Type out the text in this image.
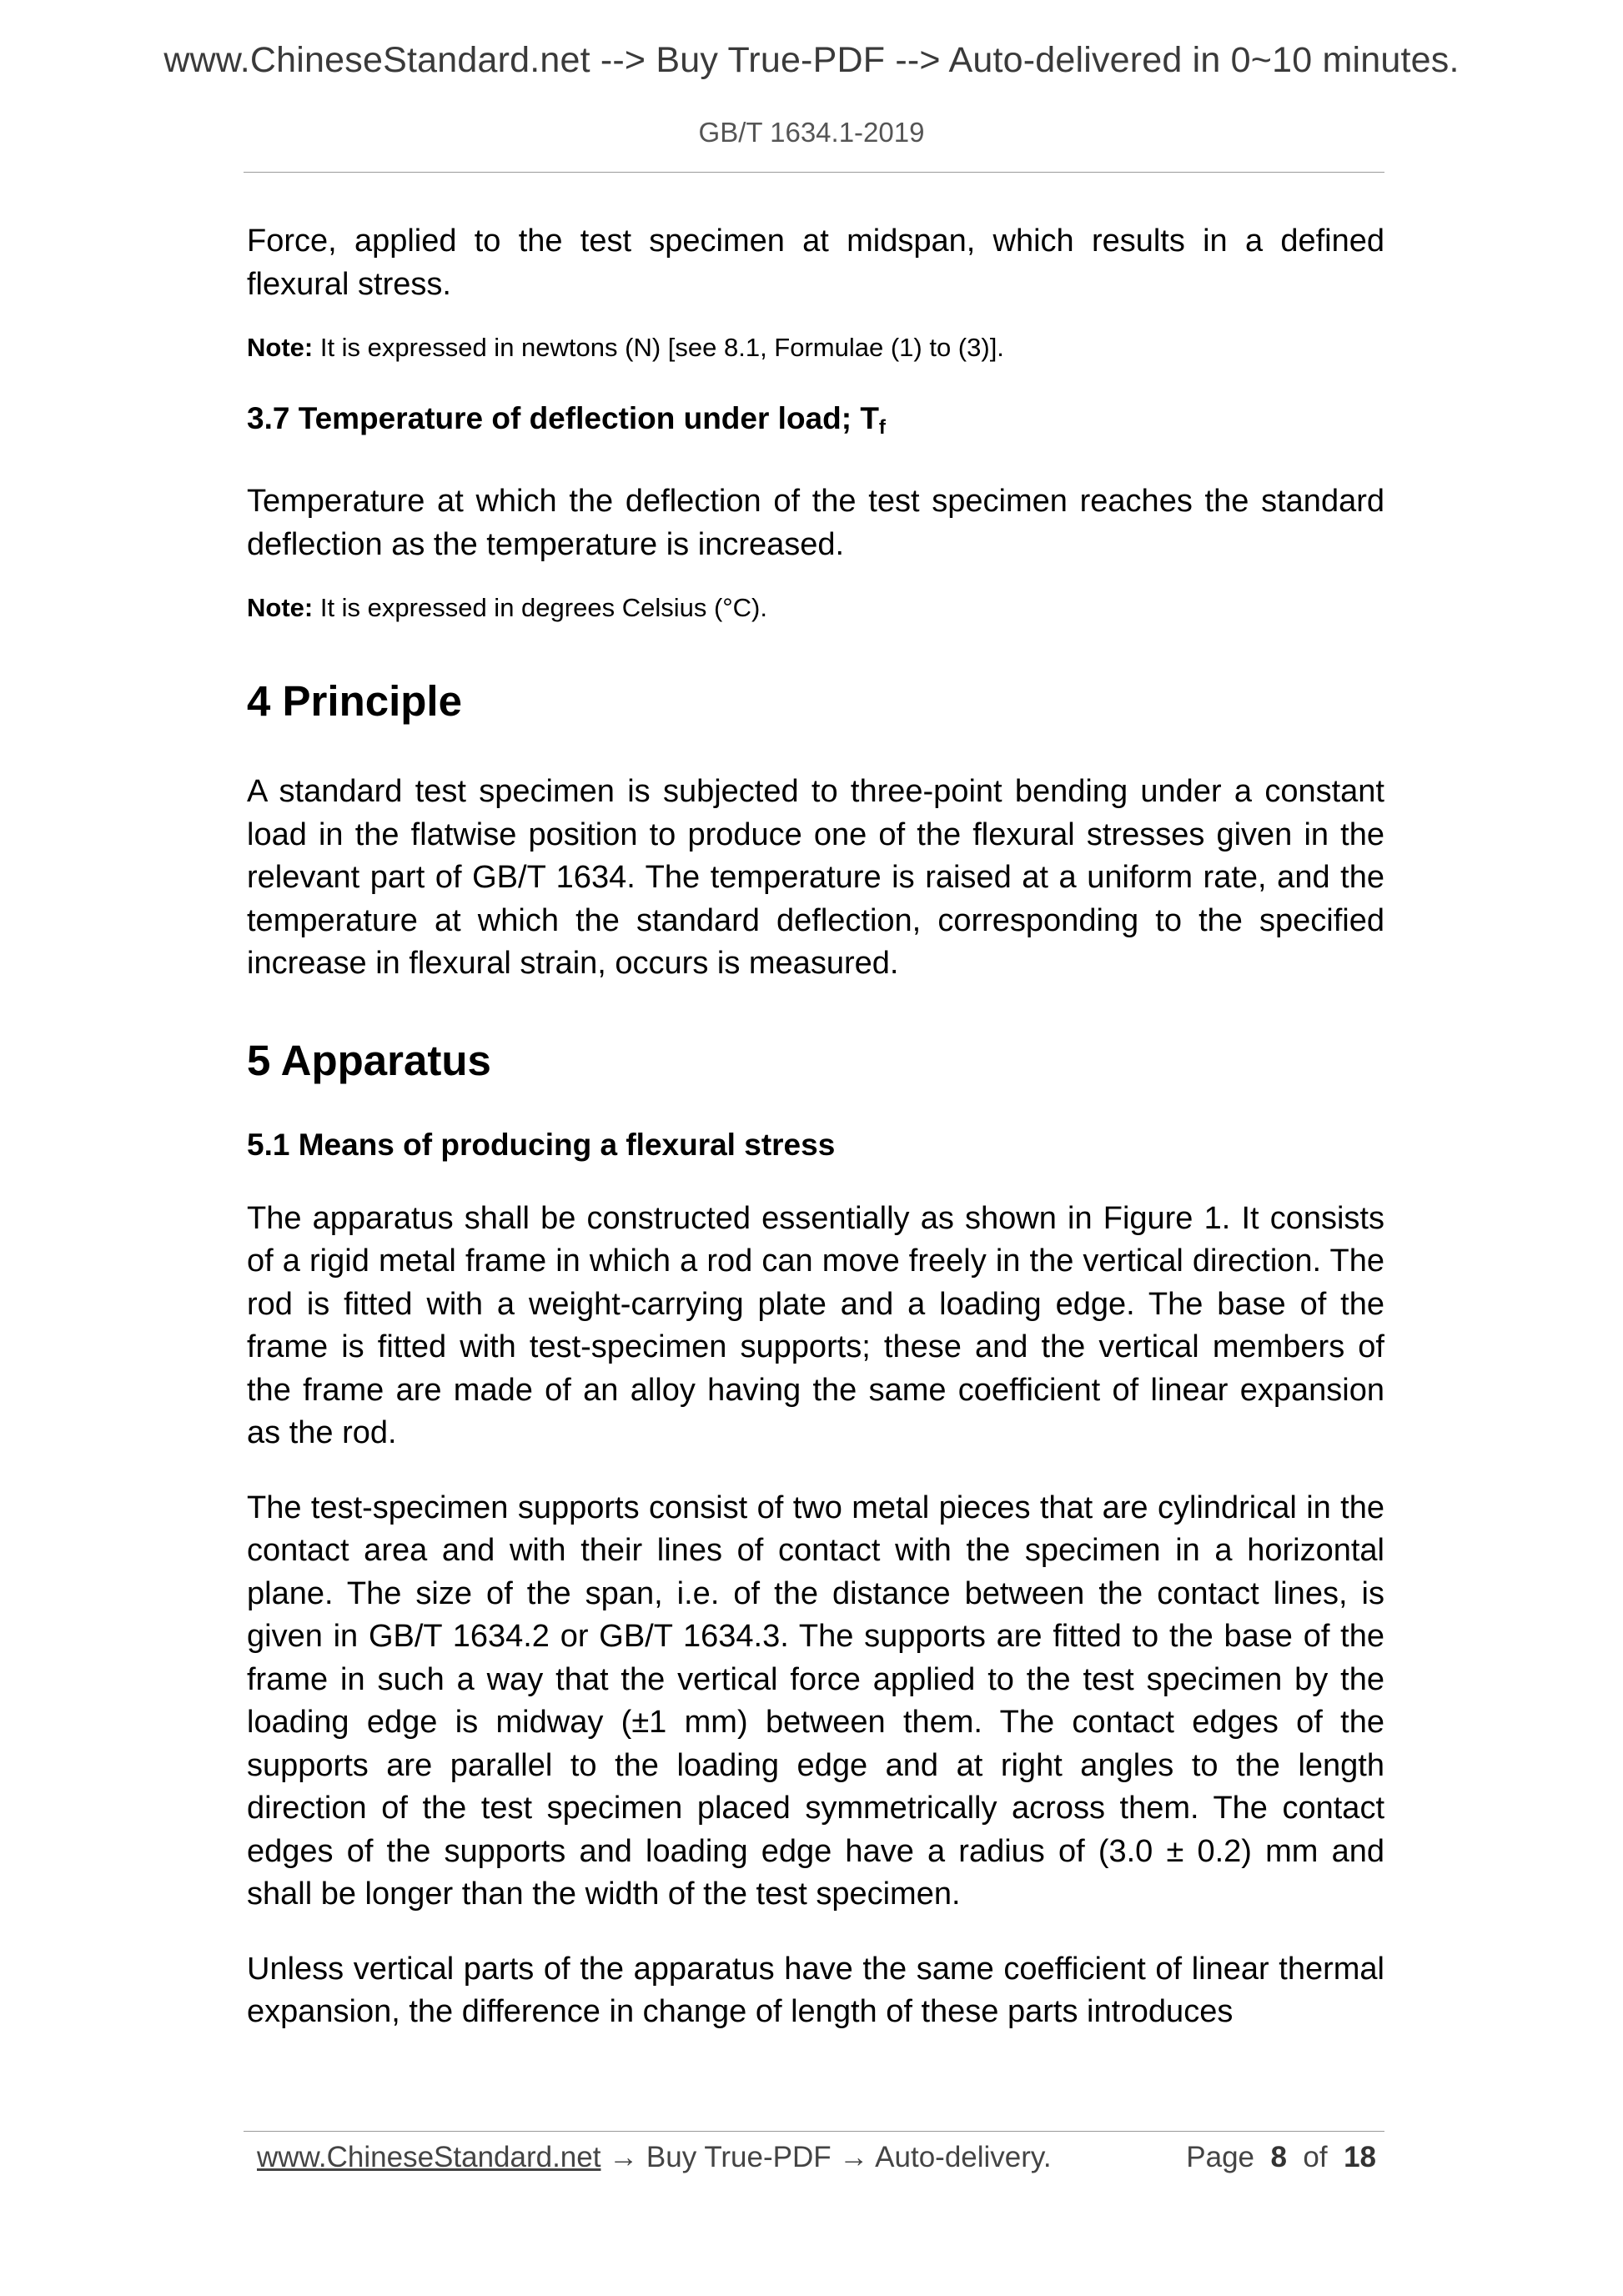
www.ChineseStandard.net --> Buy True-PDF --> Auto-delivered in 0~10 minutes.
GB/T 1634.1-2019

Force, applied to the test specimen at midspan, which results in a defined flexural stress.

Note: It is expressed in newtons (N) [see 8.1, Formulae (1) to (3)].

3.7 Temperature of deflection under load; $T_f$

Temperature at which the deflection of the test specimen reaches the standard deflection as the temperature is increased.

Note: It is expressed in degrees Celsius (°C).

4 Principle

A standard test specimen is subjected to three-point bending under a constant load in the flatwise position to produce one of the flexural stresses given in the relevant part of GB/T 1634. The temperature is raised at a uniform rate, and the temperature at which the standard deflection, corresponding to the specified increase in flexural strain, occurs is measured.

5 Apparatus
5.1 Means of producing a flexural stress

The apparatus shall be constructed essentially as shown in Figure 1. It consists of a rigid metal frame in which a rod can move freely in the vertical direction. The rod is fitted with a weight-carrying plate and a loading edge. The base of the frame is fitted with test-specimen supports; these and the vertical members of the frame are made of an alloy having the same coefficient of linear expansion as the rod.

The test-specimen supports consist of two metal pieces that are cylindrical in the contact area and with their lines of contact with the specimen in a horizontal plane. The size of the span, i.e. of the distance between the contact lines, is given in GB/T 1634.2 or GB/T 1634.3. The supports are fitted to the base of the frame in such a way that the vertical force applied to the test specimen by the loading edge is midway (±1 mm) between them. The contact edges of the supports are parallel to the loading edge and at right angles to the length direction of the test specimen placed symmetrically across them. The contact edges of the supports and loading edge have a radius of (3.0 ± 0.2) mm and shall be longer than the width of the test specimen.

Unless vertical parts of the apparatus have the same coefficient of linear thermal expansion, the difference in change of length of these parts introduces

www.ChineseStandard.net → Buy True-PDF → Auto-delivery.	Page 8 of 18
